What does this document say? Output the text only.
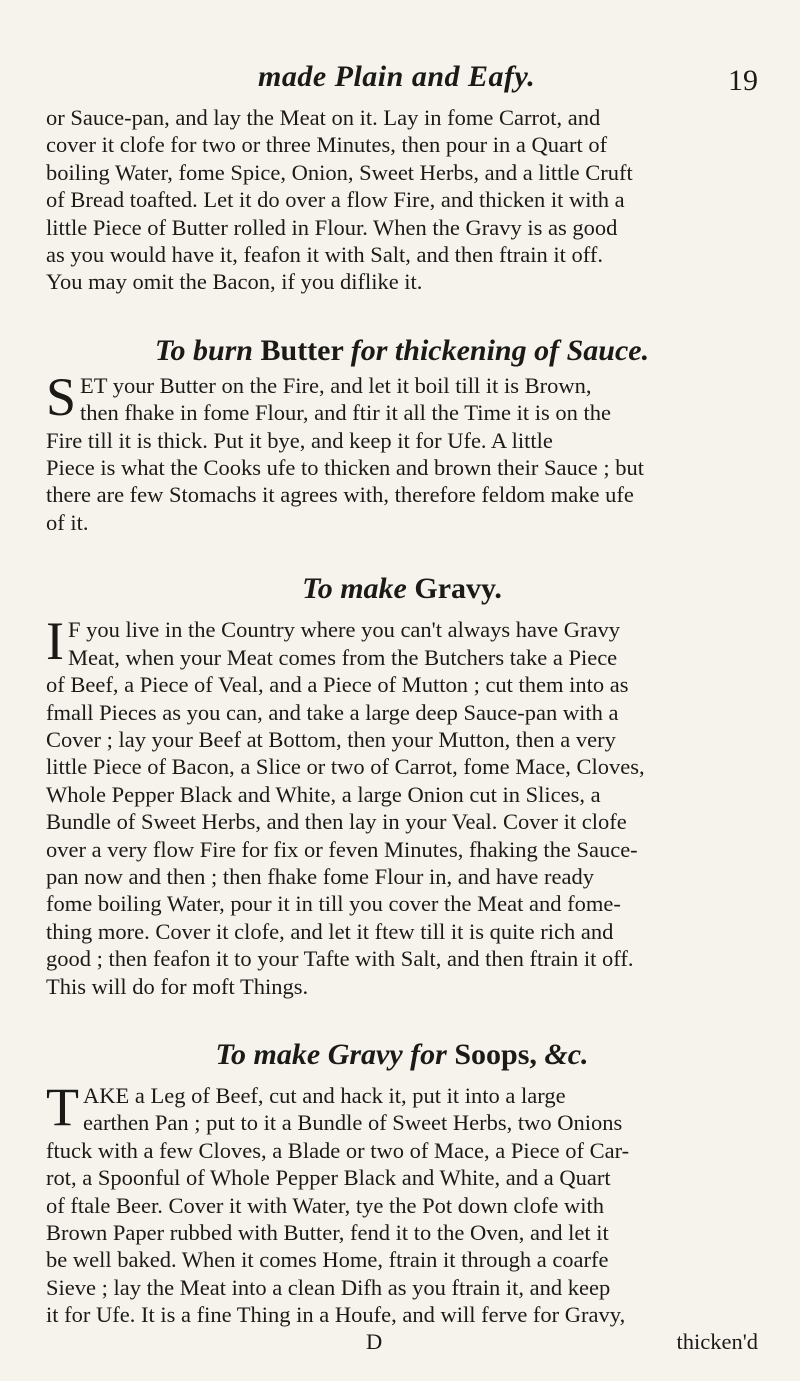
made Plain and Eafy.	19

or Sauce-pan, and lay the Meat on it. Lay in fome Carrot, and
cover it clofe for two or three Minutes, then pour in a Quart of
boiling Water, fome Spice, Onion, Sweet Herbs, and a little Cruft
of Bread toafted. Let it do over a flow Fire, and thicken it with a
little Piece of Butter rolled in Flour. When the Gravy is as good
as you would have it, feafon it with Salt, and then ftrain it off.
You may omit the Bacon, if you diflike it.

To burn Butter for thickening of Sauce.

S ET your Butter on the Fire, and let it boil till it is Brown,
then fhake in fome Flour, and ftir it all the Time it is on the
Fire till it is thick. Put it bye, and keep it for Ufe. A little
Piece is what the Cooks ufe to thicken and brown their Sauce ; but
there are few Stomachs it agrees with, therefore feldom make ufe
of it.

To make Gravy.

I F you live in the Country where you can't always have Gravy
Meat, when your Meat comes from the Butchers take a Piece
of Beef, a Piece of Veal, and a Piece of Mutton ; cut them into as
fmall Pieces as you can, and take a large deep Sauce-pan with a
Cover ; lay your Beef at Bottom, then your Mutton, then a very
little Piece of Bacon, a Slice or two of Carrot, fome Mace, Cloves,
Whole Pepper Black and White, a large Onion cut in Slices, a
Bundle of Sweet Herbs, and then lay in your Veal. Cover it clofe
over a very flow Fire for fix or feven Minutes, fhaking the Sauce-
pan now and then ; then fhake fome Flour in, and have ready
fome boiling Water, pour it in till you cover the Meat and fome-
thing more. Cover it clofe, and let it ftew till it is quite rich and
good ; then feafon it to your Tafte with Salt, and then ftrain it off.
This will do for moft Things.

To make Gravy for Soops, &c.

T AKE a Leg of Beef, cut and hack it, put it into a large
earthen Pan ; put to it a Bundle of Sweet Herbs, two Onions
ftuck with a few Cloves, a Blade or two of Mace, a Piece of Car-
rot, a Spoonful of Whole Pepper Black and White, and a Quart
of ftale Beer. Cover it with Water, tye the Pot down clofe with
Brown Paper rubbed with Butter, fend it to the Oven, and let it
be well baked. When it comes Home, ftrain it through a coarfe
Sieve ; lay the Meat into a clean Difh as you ftrain it, and keep
it for Ufe. It is a fine Thing in a Houfe, and will ferve for Gravy,

D	thicken'd
